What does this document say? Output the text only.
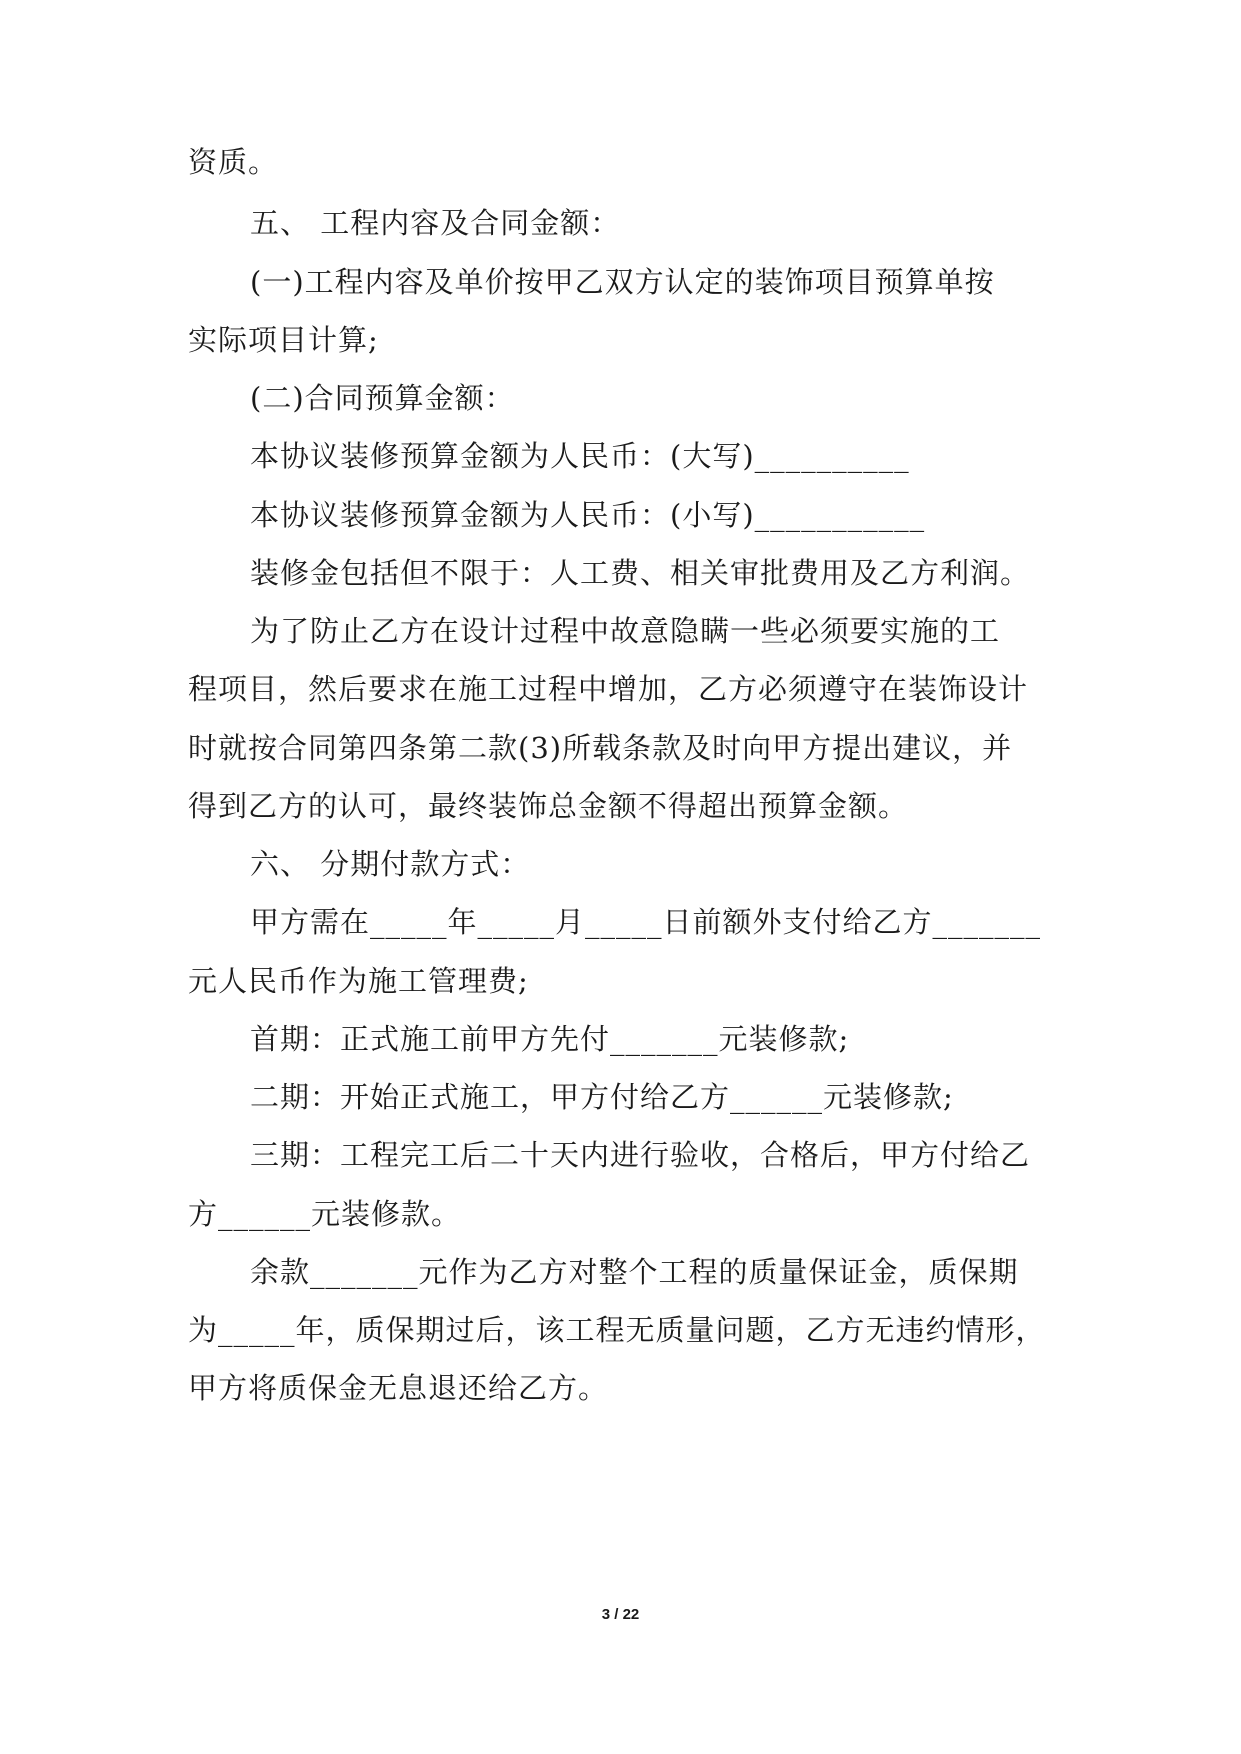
资质。
五、 工程内容及合同金额：
(一)工程内容及单价按甲乙双方认定的装饰项目预算单按
实际项目计算;
(二)合同预算金额：
本协议装修预算金额为人民币：(大写)__________
本协议装修预算金额为人民币：(小写)___________
装修金包括但不限于：人工费、相关审批费用及乙方利润。
为了防止乙方在设计过程中故意隐瞒一些必须要实施的工
程项目，然后要求在施工过程中增加，乙方必须遵守在装饰设计
时就按合同第四条第二款(3)所载条款及时向甲方提出建议，并
得到乙方的认可，最终装饰总金额不得超出预算金额。
六、 分期付款方式：
甲方需在_____年_____月_____日前额外支付给乙方_______
元人民币作为施工管理费;
首期：正式施工前甲方先付_______元装修款;
二期：开始正式施工，甲方付给乙方______元装修款;
三期：工程完工后二十天内进行验收，合格后，甲方付给乙
方______元装修款。
余款_______元作为乙方对整个工程的质量保证金，质保期
为_____年，质保期过后，该工程无质量问题，乙方无违约情形，
甲方将质保金无息退还给乙方。
3 / 22
